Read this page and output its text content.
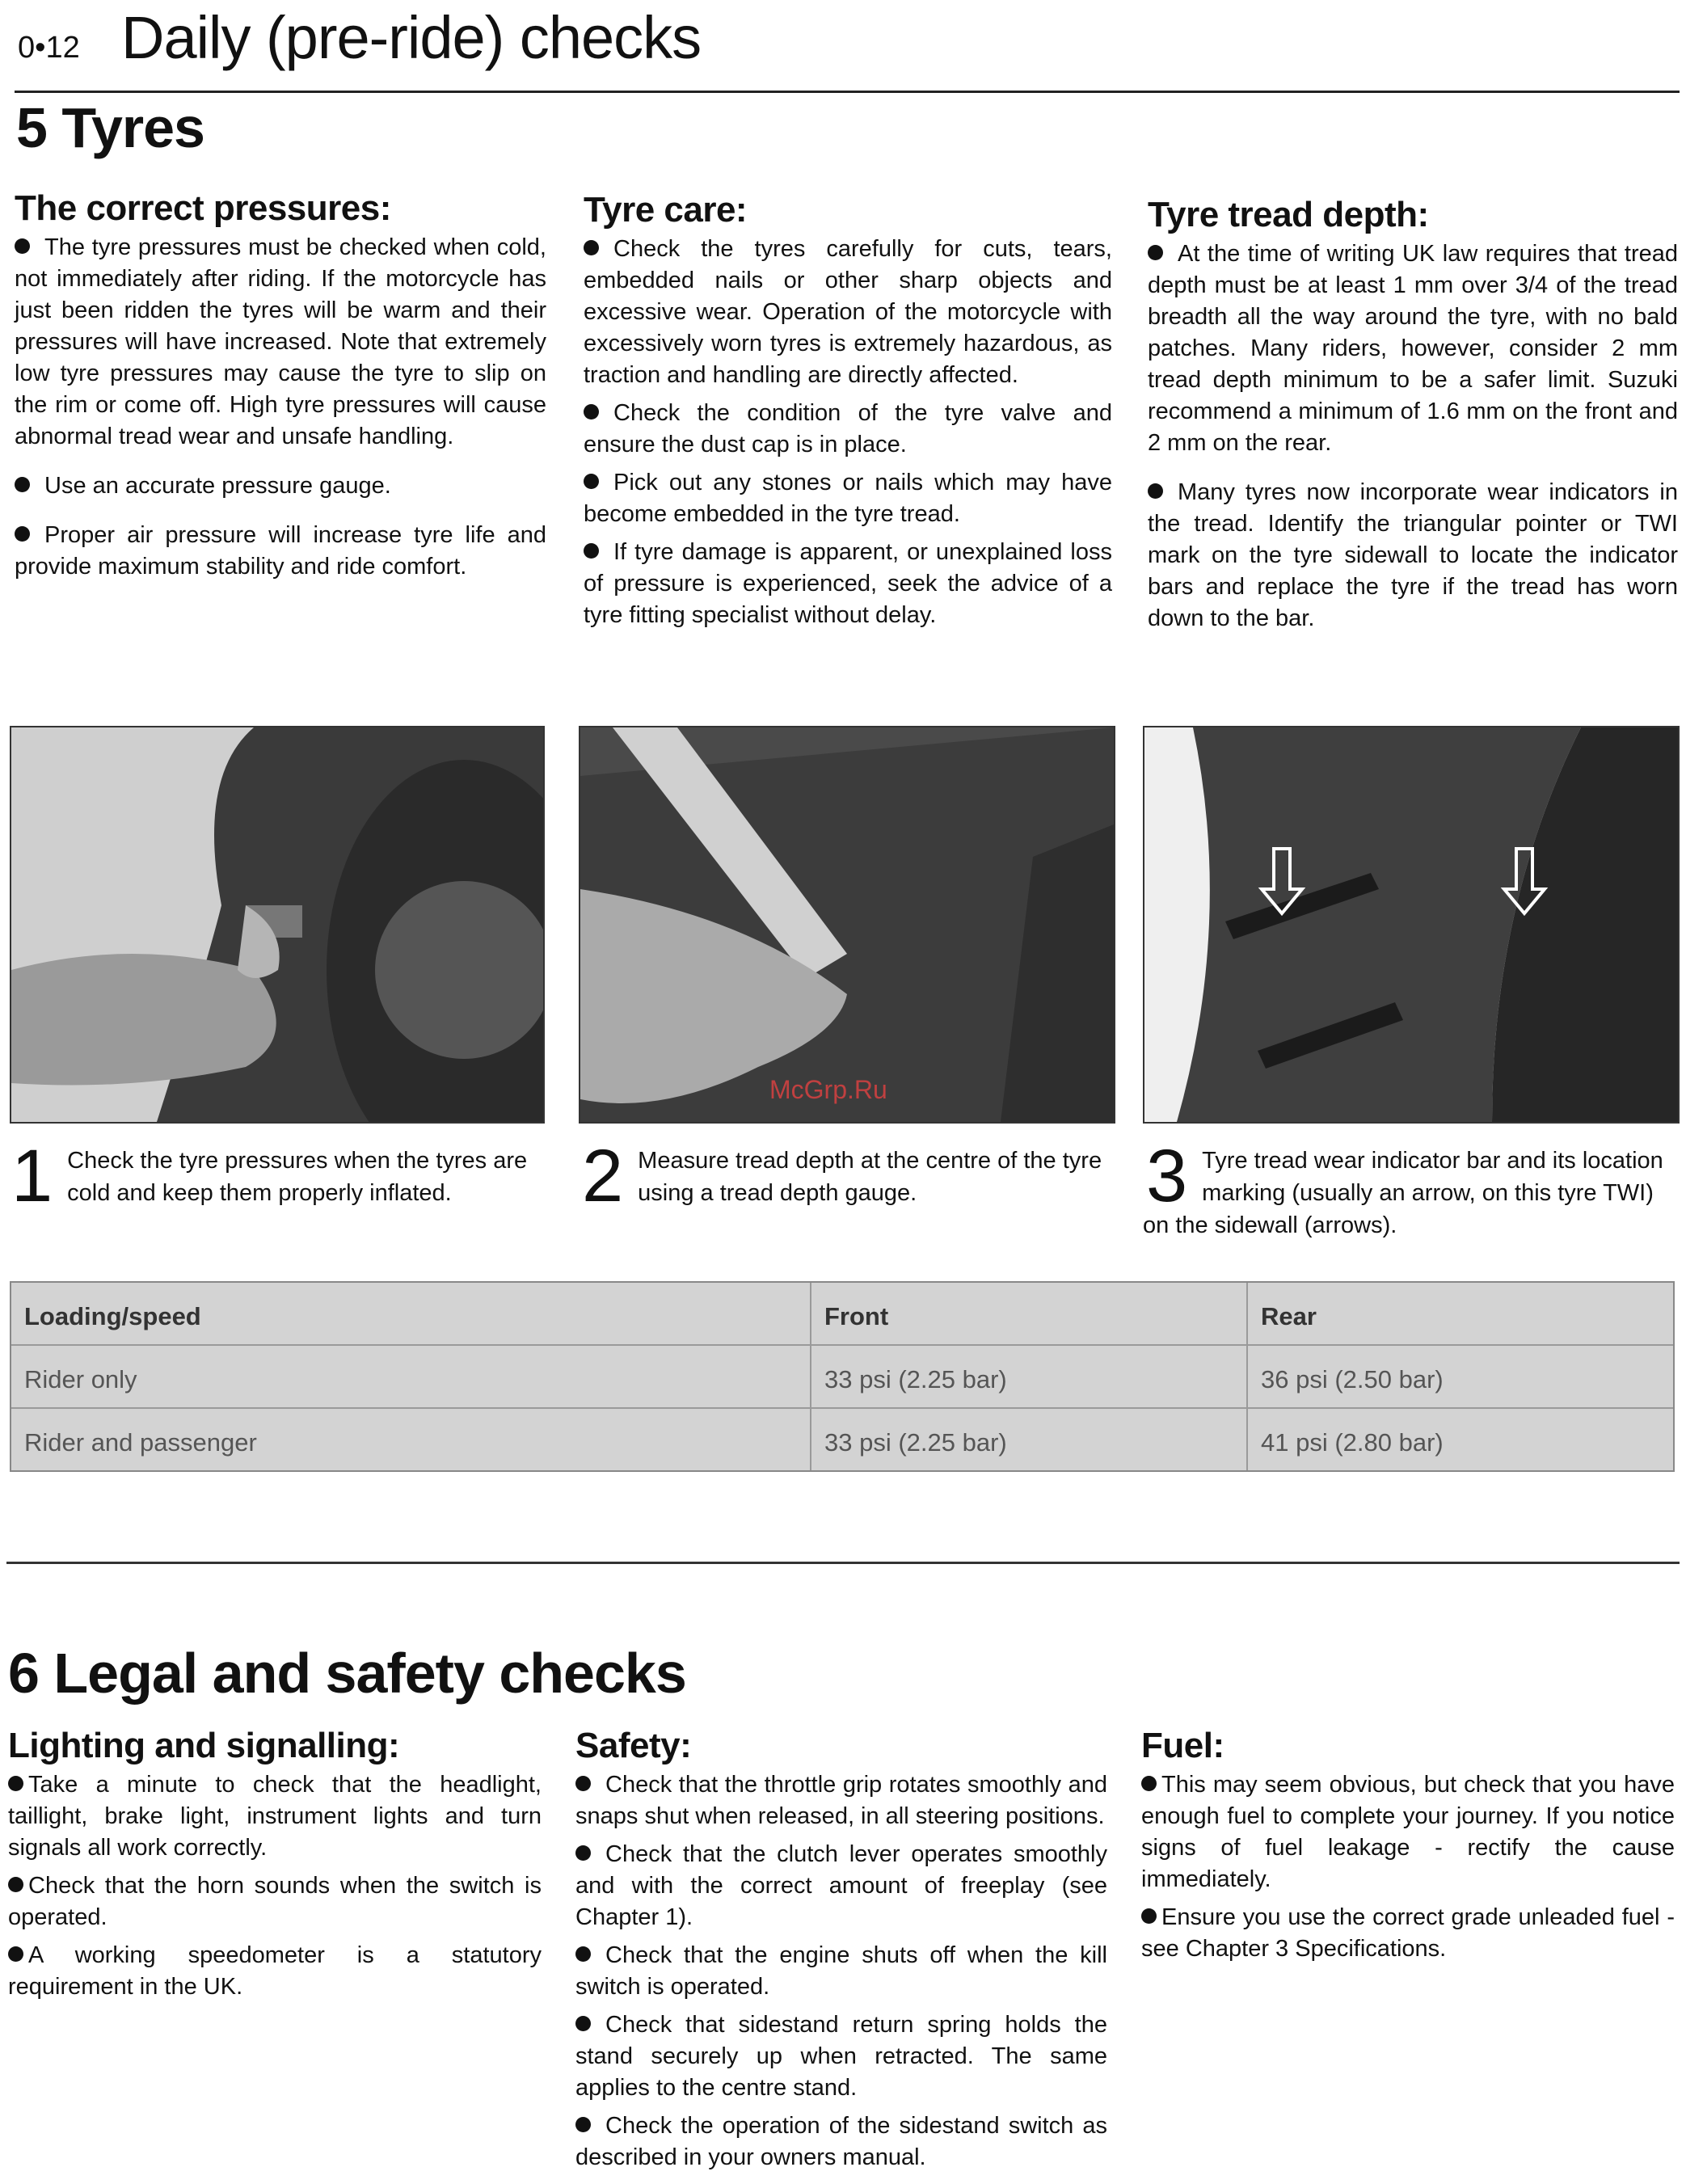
0•12 Daily (pre-ride) checks
5 Tyres
The correct pressures:

The tyre pressures must be checked when cold, not immediately after riding. If the motorcycle has just been ridden the tyres will be warm and their pressures will have increased. Note that extremely low tyre pressures may cause the tyre to slip on the rim or come off. High tyre pressures will cause abnormal tread wear and unsafe handling.

Use an accurate pressure gauge.

Proper air pressure will increase tyre life and provide maximum stability and ride comfort.

Tyre care:

Check the tyres carefully for cuts, tears, embedded nails or other sharp objects and excessive wear. Operation of the motorcycle with excessively worn tyres is extremely hazardous, as traction and handling are directly affected.

Check the condition of the tyre valve and ensure the dust cap is in place.

Pick out any stones or nails which may have become embedded in the tyre tread.

If tyre damage is apparent, or unexplained loss of pressure is experienced, seek the advice of a tyre fitting specialist without delay.

Tyre tread depth:

At the time of writing UK law requires that tread depth must be at least 1 mm over 3/4 of the tread breadth all the way around the tyre, with no bald patches. Many riders, however, consider 2 mm tread depth minimum to be a safer limit. Suzuki recommend a minimum of 1.6 mm on the front and 2 mm on the rear.

Many tyres now incorporate wear indicators in the tread. Identify the triangular pointer or TWI mark on the tyre sidewall to locate the indicator bars and replace the tyre if the tread has worn down to the bar.

McGrp.Ru
1 Check the tyre pressures when the tyres are cold and keep them properly inflated.	2 Measure tread depth at the centre of the tyre using a tread depth gauge.	3 Tyre tread wear indicator bar and its location marking (usually an arrow, on this tyre TWI) on the sidewall (arrows).
Loading/speed	Front	Rear
Rider only	33 psi (2.25 bar)	36 psi (2.50 bar)
Rider and passenger	33 psi (2.25 bar)	41 psi (2.80 bar)
6 Legal and safety checks
Lighting and signalling:

Take a minute to check that the headlight, taillight, brake light, instrument lights and turn signals all work correctly.

Check that the horn sounds when the switch is operated.

A working speedometer is a statutory requirement in the UK.

Safety:

Check that the throttle grip rotates smoothly and snaps shut when released, in all steering positions.

Check that the clutch lever operates smoothly and with the correct amount of freeplay (see Chapter 1).

Check that the engine shuts off when the kill switch is operated.

Check that sidestand return spring holds the stand securely up when retracted. The same applies to the centre stand.

Check the operation of the sidestand switch as described in your owners manual.

Fuel:

This may seem obvious, but check that you have enough fuel to complete your journey. If you notice signs of fuel leakage - rectify the cause immediately.

Ensure you use the correct grade unleaded fuel - see Chapter 3 Specifications.
